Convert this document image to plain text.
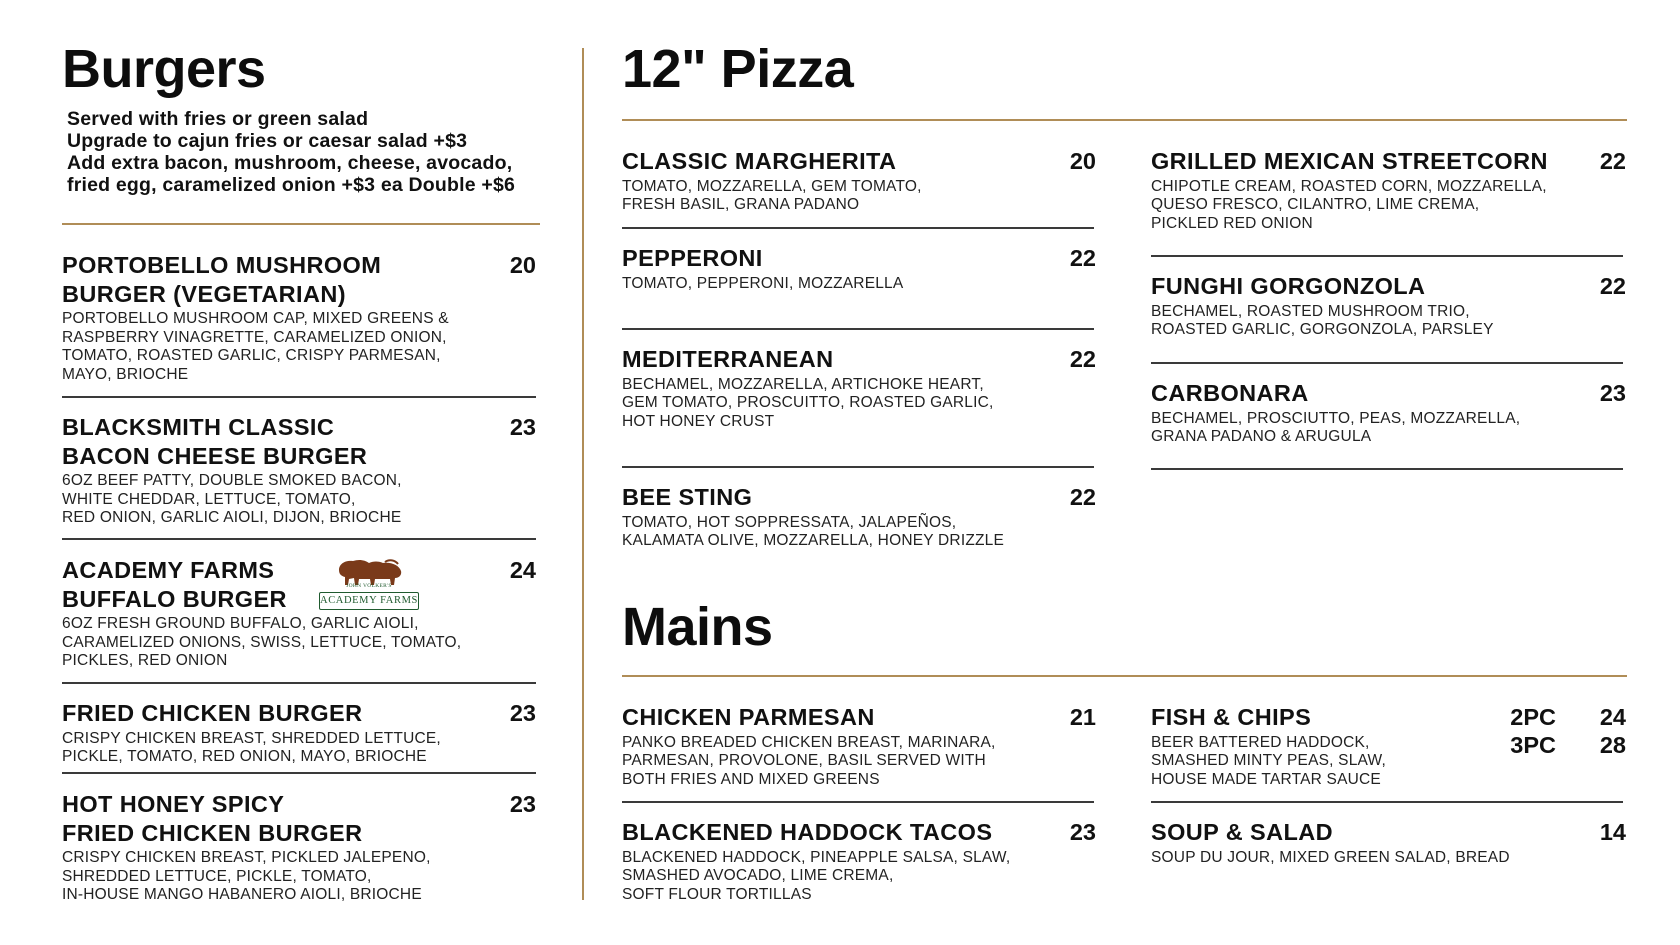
Burgers
Served with fries or green salad
Upgrade to cajun fries or caesar salad +$3
Add extra bacon, mushroom, cheese, avocado,
fried egg, caramelized onion +$3 ea Double +$6
PORTOBELLO MUSHROOM
BURGER (VEGETARIAN)
PORTOBELLO MUSHROOM CAP, MIXED GREENS &
RASPBERRY VINAGRETTE, CARAMELIZED ONION,
TOMATO, ROASTED GARLIC, CRISPY PARMESAN,
MAYO, BRIOCHE
20
BLACKSMITH CLASSIC
BACON CHEESE BURGER
6OZ BEEF PATTY, DOUBLE SMOKED BACON,
WHITE CHEDDAR, LETTUCE, TOMATO,
RED ONION, GARLIC AIOLI, DIJON, BRIOCHE
23
ACADEMY FARMS
BUFFALO BURGER
6OZ FRESH GROUND BUFFALO, GARLIC AIOLI,
CARAMELIZED ONIONS, SWISS, LETTUCE, TOMATO,
PICKLES, RED ONION
JOHN VOLKER'S
ACADEMY FARMS
24
FRIED CHICKEN BURGER
CRISPY CHICKEN BREAST, SHREDDED LETTUCE,
PICKLE, TOMATO, RED ONION, MAYO, BRIOCHE
23
HOT HONEY SPICY
FRIED CHICKEN BURGER
CRISPY CHICKEN BREAST, PICKLED JALEPENO,
SHREDDED LETTUCE, PICKLE, TOMATO,
IN-HOUSE MANGO HABANERO AIOLI, BRIOCHE
23
12" Pizza
CLASSIC MARGHERITA
TOMATO, MOZZARELLA, GEM TOMATO,
FRESH BASIL, GRANA PADANO
20
PEPPERONI
TOMATO, PEPPERONI, MOZZARELLA
22
MEDITERRANEAN
BECHAMEL, MOZZARELLA, ARTICHOKE HEART,
GEM TOMATO, PROSCUITTO, ROASTED GARLIC,
HOT HONEY CRUST
22
BEE STING
TOMATO, HOT SOPPRESSATA, JALAPEÑOS,
KALAMATA OLIVE, MOZZARELLA, HONEY DRIZZLE
22
GRILLED MEXICAN STREETCORN
CHIPOTLE CREAM, ROASTED CORN, MOZZARELLA,
QUESO FRESCO, CILANTRO, LIME CREMA,
PICKLED RED ONION
22
FUNGHI GORGONZOLA
BECHAMEL, ROASTED MUSHROOM TRIO,
ROASTED GARLIC, GORGONZOLA, PARSLEY
22
CARBONARA
BECHAMEL, PROSCIUTTO, PEAS, MOZZARELLA,
GRANA PADANO & ARUGULA
23
Mains
CHICKEN PARMESAN
PANKO BREADED CHICKEN BREAST, MARINARA,
PARMESAN, PROVOLONE, BASIL SERVED WITH
BOTH FRIES AND MIXED GREENS
21
BLACKENED HADDOCK TACOS
BLACKENED HADDOCK, PINEAPPLE SALSA, SLAW,
SMASHED AVOCADO, LIME CREMA,
SOFT FLOUR TORTILLAS
23
FISH & CHIPS
BEER BATTERED HADDOCK,
SMASHED MINTY PEAS, SLAW,
HOUSE MADE TARTAR SAUCE
2PC	24
3PC	28
SOUP & SALAD
SOUP DU JOUR, MIXED GREEN SALAD, BREAD
14
